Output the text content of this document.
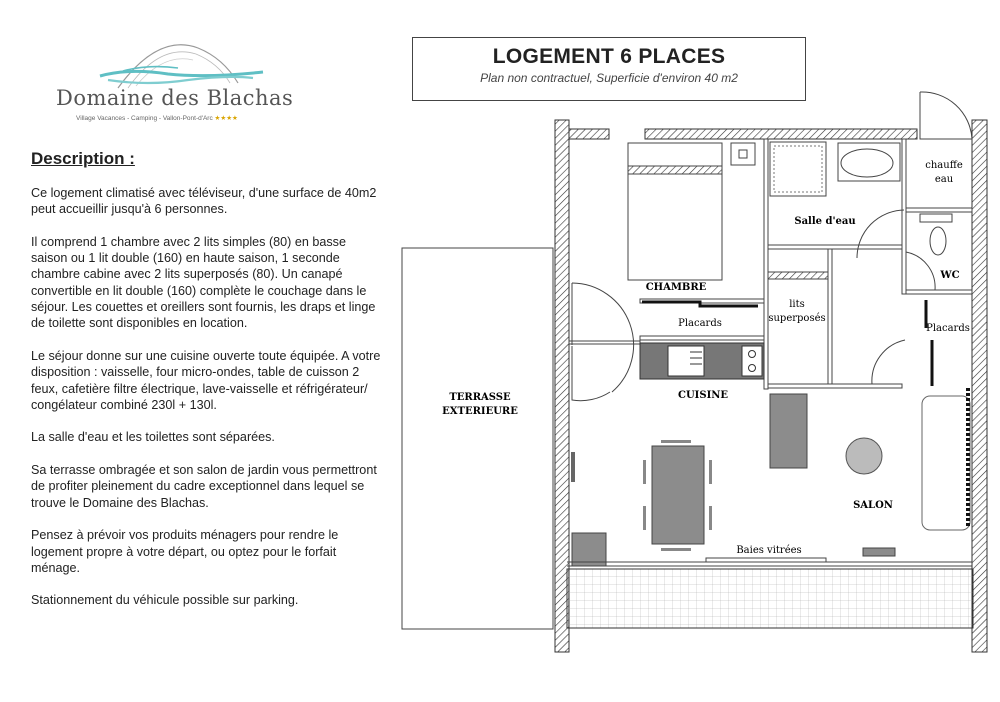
Domaine des Blachas
Village Vacances - Camping - Vallon-Pont-d'Arc ★★★★
Description :

Ce logement climatisé avec téléviseur, d'une surface de 40m2 peut accueillir jusqu'à 6 personnes.

Il comprend 1 chambre avec 2 lits simples (80) en basse saison ou 1 lit double (160) en haute saison, 1 seconde chambre cabine avec 2 lits superposés (80). Un canapé convertible en lit double (160) complète le couchage dans le séjour. Les couettes et oreillers sont fournis, les draps et linge de toilette sont disponibles en location.

Le séjour donne sur une cuisine ouverte toute équipée. A votre disposition : vaisselle, four micro-ondes, table de cuisson 2 feux, cafetière filtre électrique, lave-vaisselle et réfrigérateur/ congélateur combiné 230l + 130l.

La salle d'eau et les toilettes sont séparées.

Sa terrasse ombragée et son salon de jardin vous permettront de profiter pleinement du cadre exceptionnel dans lequel se trouve le Domaine des Blachas.

Pensez à prévoir vos produits ménagers pour rendre le logement propre à votre départ, ou optez pour le forfait ménage.

Stationnement du véhicule possible sur parking.

LOGEMENT 6 PLACES
Plan non contractuel, Superficie d'environ 40 m2
TERRASSE
EXTERIEURE
CHAMBRE
Placards
lits
superposés
Salle d'eau
chauffe
eau
WC
Placards
CUISINE
SALON
Baies vitrées
